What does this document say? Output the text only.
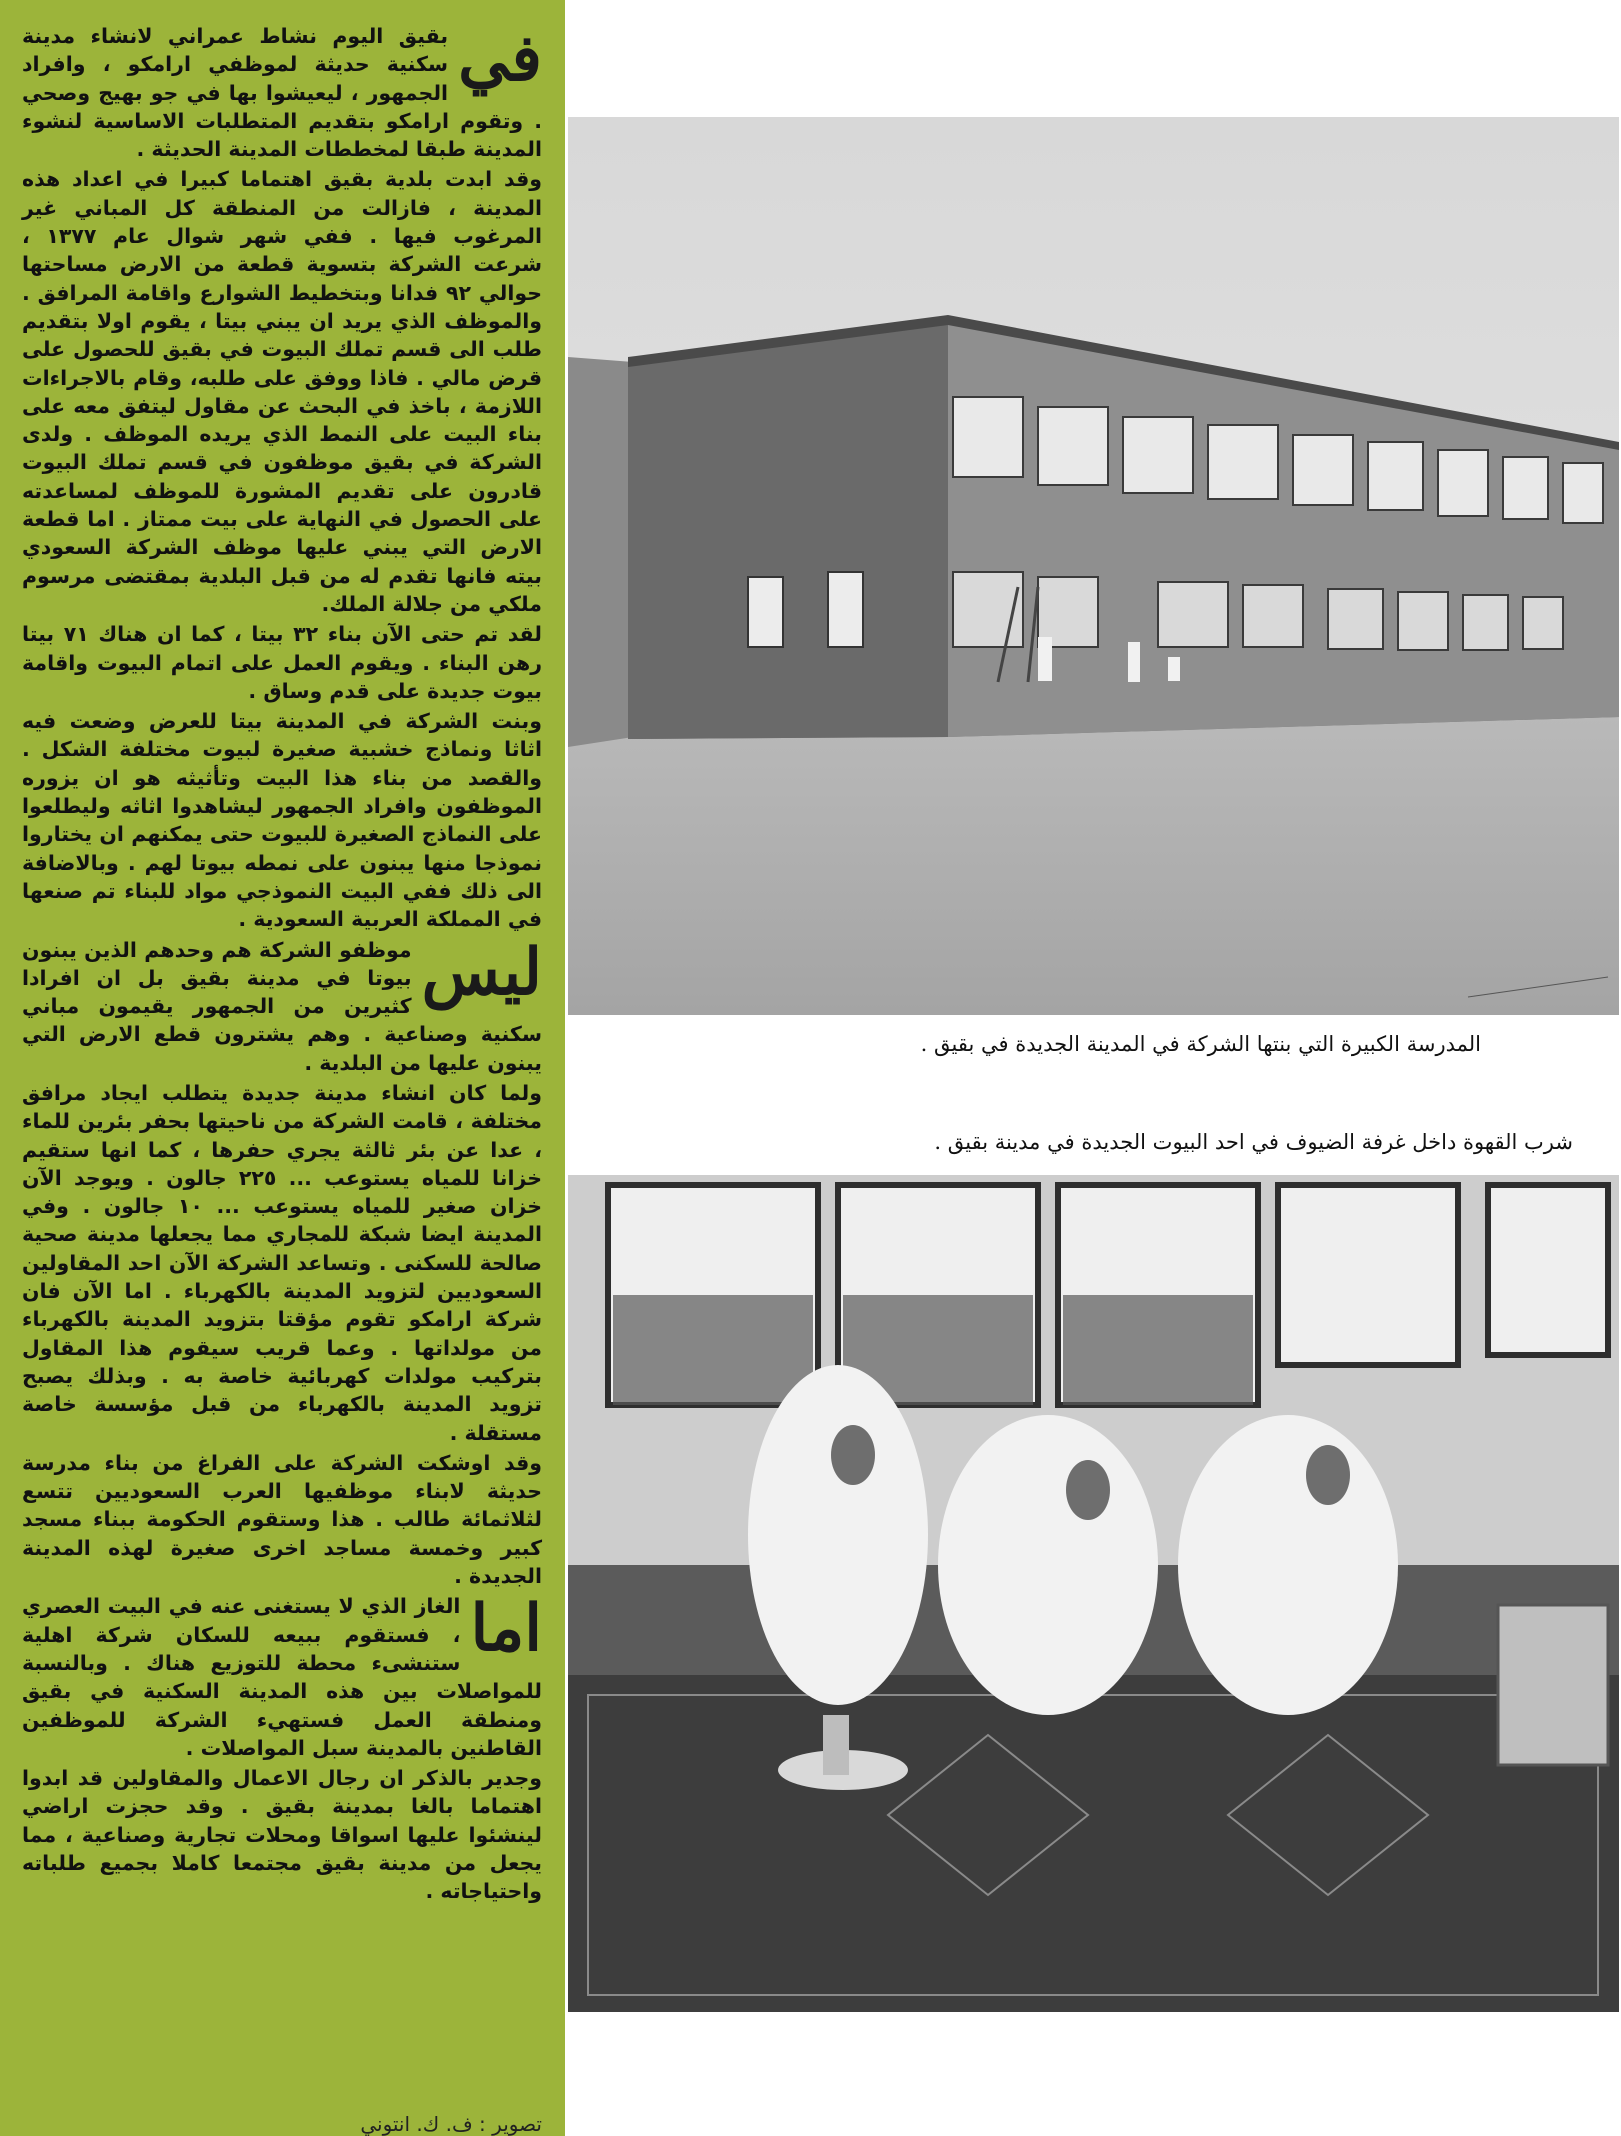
في

بقيق اليوم نشاط عمراني لانشاء مدينة سكنية حديثة لموظفي ارامكو ، وافراد الجمهور ، ليعيشوا بها في جو بهيج وصحي . وتقوم ارامكو بتقديم المتطلبات الاساسية لنشوء المدينة طبقا لمخططات المدينة الحديثة .

وقد ابدت بلدية بقيق اهتماما كبيرا في اعداد هذه المدينة ، فازالت من المنطقة كل المباني غير المرغوب فيها . ففي شهر شوال عام ١٣٧٧ ، شرعت الشركة بتسوية قطعة من الارض مساحتها حوالي ٩٢ فدانا وبتخطيط الشوارع واقامة المرافق . والموظف الذي يريد ان يبني بيتا ، يقوم اولا بتقديم طلب الى قسم تملك البيوت في بقيق للحصول على قرض مالي . فاذا ووفق على طلبه، وقام بالاجراءات اللازمة ، باخذ في البحث عن مقاول ليتفق معه على بناء البيت على النمط الذي يريده الموظف . ولدى الشركة في بقيق موظفون في قسم تملك البيوت قادرون على تقديم المشورة للموظف لمساعدته على الحصول في النهاية على بيت ممتاز . اما قطعة الارض التي يبني عليها موظف الشركة السعودي بيته فانها تقدم له من قبل البلدية بمقتضى مرسوم ملكي من جلالة الملك.

لقد تم حتى الآن بناء ٣٢ بيتا ، كما ان هناك ٧١ بيتا رهن البناء . ويقوم العمل على اتمام البيوت واقامة بيوت جديدة على قدم وساق .

وبنت الشركة في المدينة بيتا للعرض وضعت فيه اثاثا ونماذج خشبية صغيرة لبيوت مختلفة الشكل . والقصد من بناء هذا البيت وتأثيثه هو ان يزوره الموظفون وافراد الجمهور ليشاهدوا اثاثه وليطلعوا على النماذج الصغيرة للبيوت حتى يمكنهم ان يختاروا نموذجا منها يبنون على نمطه بيوتا لهم . وبالاضافة الى ذلك ففي البيت النموذجي مواد للبناء تم صنعها في المملكة العربية السعودية .

ليس

موظفو الشركة هم وحدهم الذين يبنون بيوتا في مدينة بقيق بل ان افرادا كثيرين من الجمهور يقيمون مباني سكنية وصناعية . وهم يشترون قطع الارض التي يبنون عليها من البلدية .

ولما كان انشاء مدينة جديدة يتطلب ايجاد مرافق مختلفة ، قامت الشركة من ناحيتها بحفر بئرين للماء ، عدا عن بئر ثالثة يجري حفرها ، كما انها ستقيم خزانا للمياه يستوعب ... ٢٢٥ جالون . ويوجد الآن خزان صغير للمياه يستوعب ... ١٠ جالون . وفي المدينة ايضا شبكة للمجاري مما يجعلها مدينة صحية صالحة للسكنى . وتساعد الشركة الآن احد المقاولين السعوديين لتزويد المدينة بالكهرباء . اما الآن فان شركة ارامكو تقوم مؤقتا بتزويد المدينة بالكهرباء من مولداتها . وعما قريب سيقوم هذا المقاول بتركيب مولدات كهربائية خاصة به . وبذلك يصبح تزويد المدينة بالكهرباء من قبل مؤسسة خاصة مستقلة .

وقد اوشكت الشركة على الفراغ من بناء مدرسة حديثة لابناء موظفيها العرب السعوديين تتسع لثلاثمائة طالب . هذا وستقوم الحكومة ببناء مسجد كبير وخمسة مساجد اخرى صغيرة لهذه المدينة الجديدة .

اما

الغاز الذي لا يستغنى عنه في البيت العصري ، فستقوم ببيعه للسكان شركة اهلية ستنشىء محطة للتوزيع هناك . وبالنسبة للمواصلات بين هذه المدينة السكنية في بقيق ومنطقة العمل فستهيء الشركة للموظفين القاطنين بالمدينة سبل المواصلات .

وجدير بالذكر ان رجال الاعمال والمقاولين قد ابدوا اهتماما بالغا بمدينة بقيق . وقد حجزت اراضي لينشئوا عليها اسواقا ومحلات تجارية وصناعية ، مما يجعل من مدينة بقيق مجتمعا كاملا بجميع طلباته واحتياجاته .

تصوير : ف. ك. انتوني
المدرسة الكبيرة التي بنتها الشركة في المدينة الجديدة في بقيق .
شرب القهوة داخل غرفة الضيوف في احد البيوت الجديدة في مدينة بقيق .
